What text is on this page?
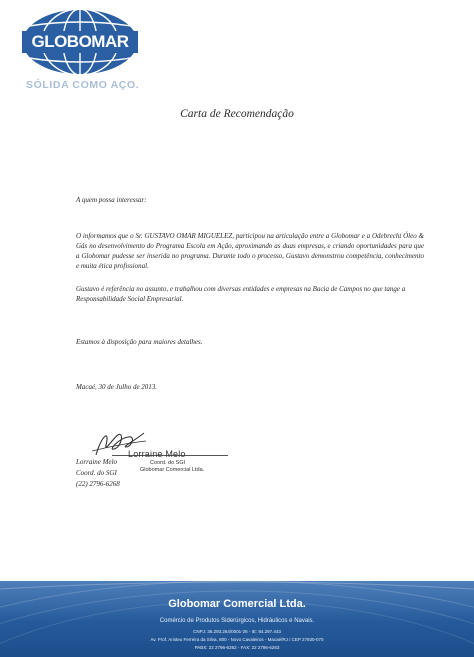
GLOBOMAR
SÓLIDA COMO AÇO.
Carta de Recomendação
A quem possa interessar:
O informamos que o Sr. GUSTAVO OMAR MIGUELEZ, participou na articulação entre a Globomar e a Odebrecht Óleo & Gás no desenvolvimento do Programa Escola em Ação, aproximando as duas empresas, e criando oportunidades para que a Globomar pudesse ser inserida no programa. Durante todo o processo, Gustavo demonstrou competência, conhecimento e muita ética profissional.
Gustavo é referência no assunto, e trabalhou com diversas entidades e empresas na Bacia de Campos no que tange a Responsabilidade Social Empresarial.
Estamos à disposição para maiores detalhes.
Macaé, 30 de Julho de 2013.
Lorraine Melo
Coord. do SGI
Globomar Comercial Ltda.
Lorraine Melo
Coord. do SGI
(22) 2796-6268
Globomar Comercial Ltda.
Comércio de Produtos Siderúrgicos, Hidráulicos e Navais.
CNPJ: 36.293.264/0001-26 - IE: 84.297.443
Av. Prof. Aristeu Ferreira da Silva, 800 - Novo Cavaleiros - Macaé/RJ / CEP 27930-070
PABX: 22 2796-6262 - FAX: 22 2796-6263
